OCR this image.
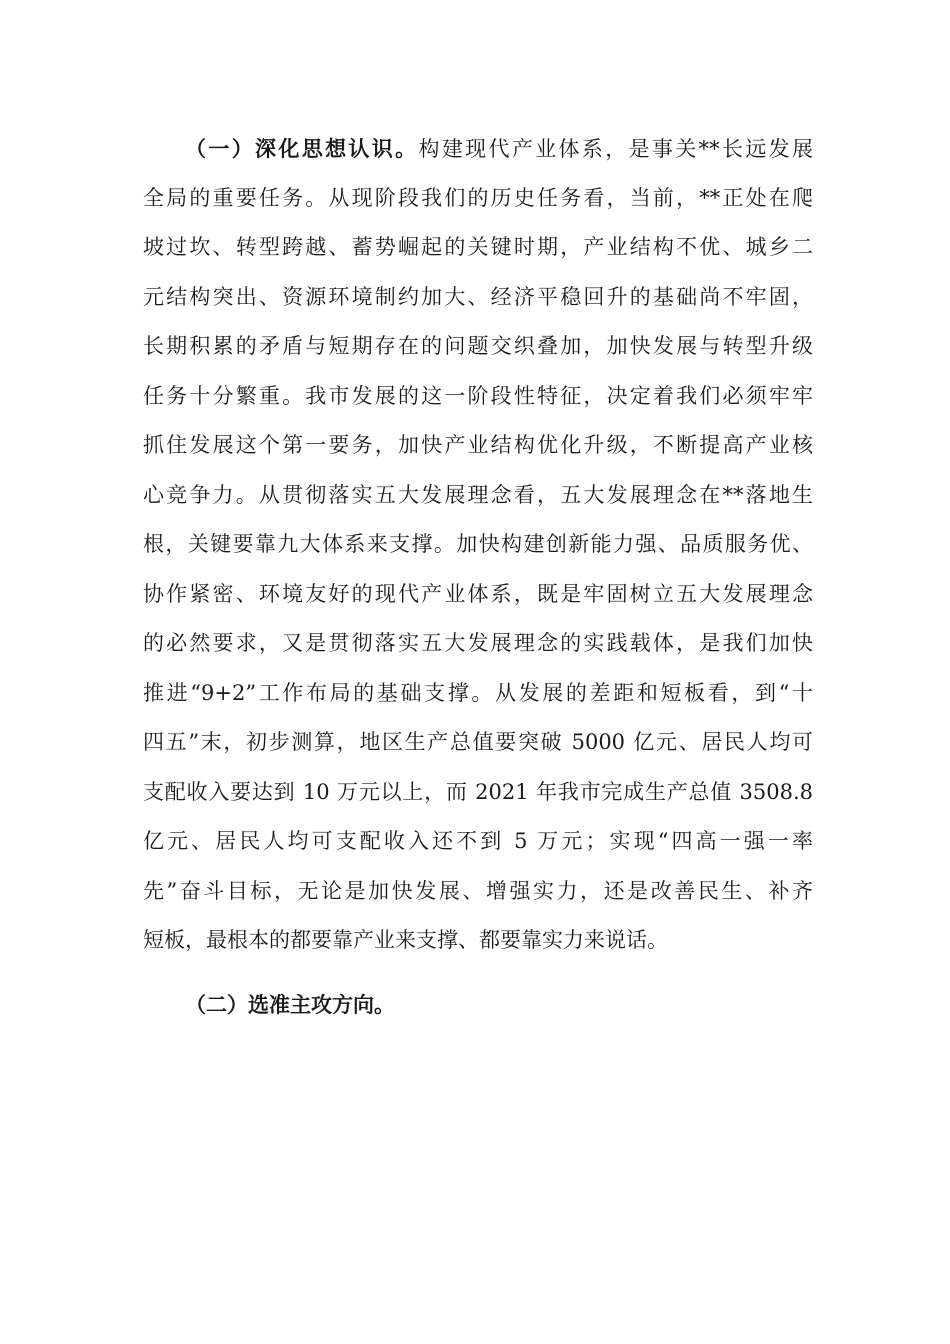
（一）深化思想认识。构建现代产业体系，是事关**长远发展
全局的重要任务。从现阶段我们的历史任务看，当前，**正处在爬
坡过坎、转型跨越、蓄势崛起的关键时期，产业结构不优、城乡二
元结构突出、资源环境制约加大、经济平稳回升的基础尚不牢固，
长期积累的矛盾与短期存在的问题交织叠加，加快发展与转型升级
任务十分繁重。我市发展的这一阶段性特征，决定着我们必须牢牢
抓住发展这个第一要务，加快产业结构优化升级，不断提高产业核
心竞争力。从贯彻落实五大发展理念看，五大发展理念在**落地生
根，关键要靠九大体系来支撑。加快构建创新能力强、品质服务优、
协作紧密、环境友好的现代产业体系，既是牢固树立五大发展理念
的必然要求，又是贯彻落实五大发展理念的实践载体，是我们加快
推进“9+2”工作布局的基础支撑。从发展的差距和短板看，到“十
四五”末，初步测算，地区生产总值要突破 5000 亿元、居民人均可
支配收入要达到 10 万元以上，而 2021 年我市完成生产总值 3508.8
亿元、居民人均可支配收入还不到 5 万元；实现“四高一强一率
先”奋斗目标，无论是加快发展、增强实力，还是改善民生、补齐
短板，最根本的都要靠产业来支撑、都要靠实力来说话。
（二）选准主攻方向。
